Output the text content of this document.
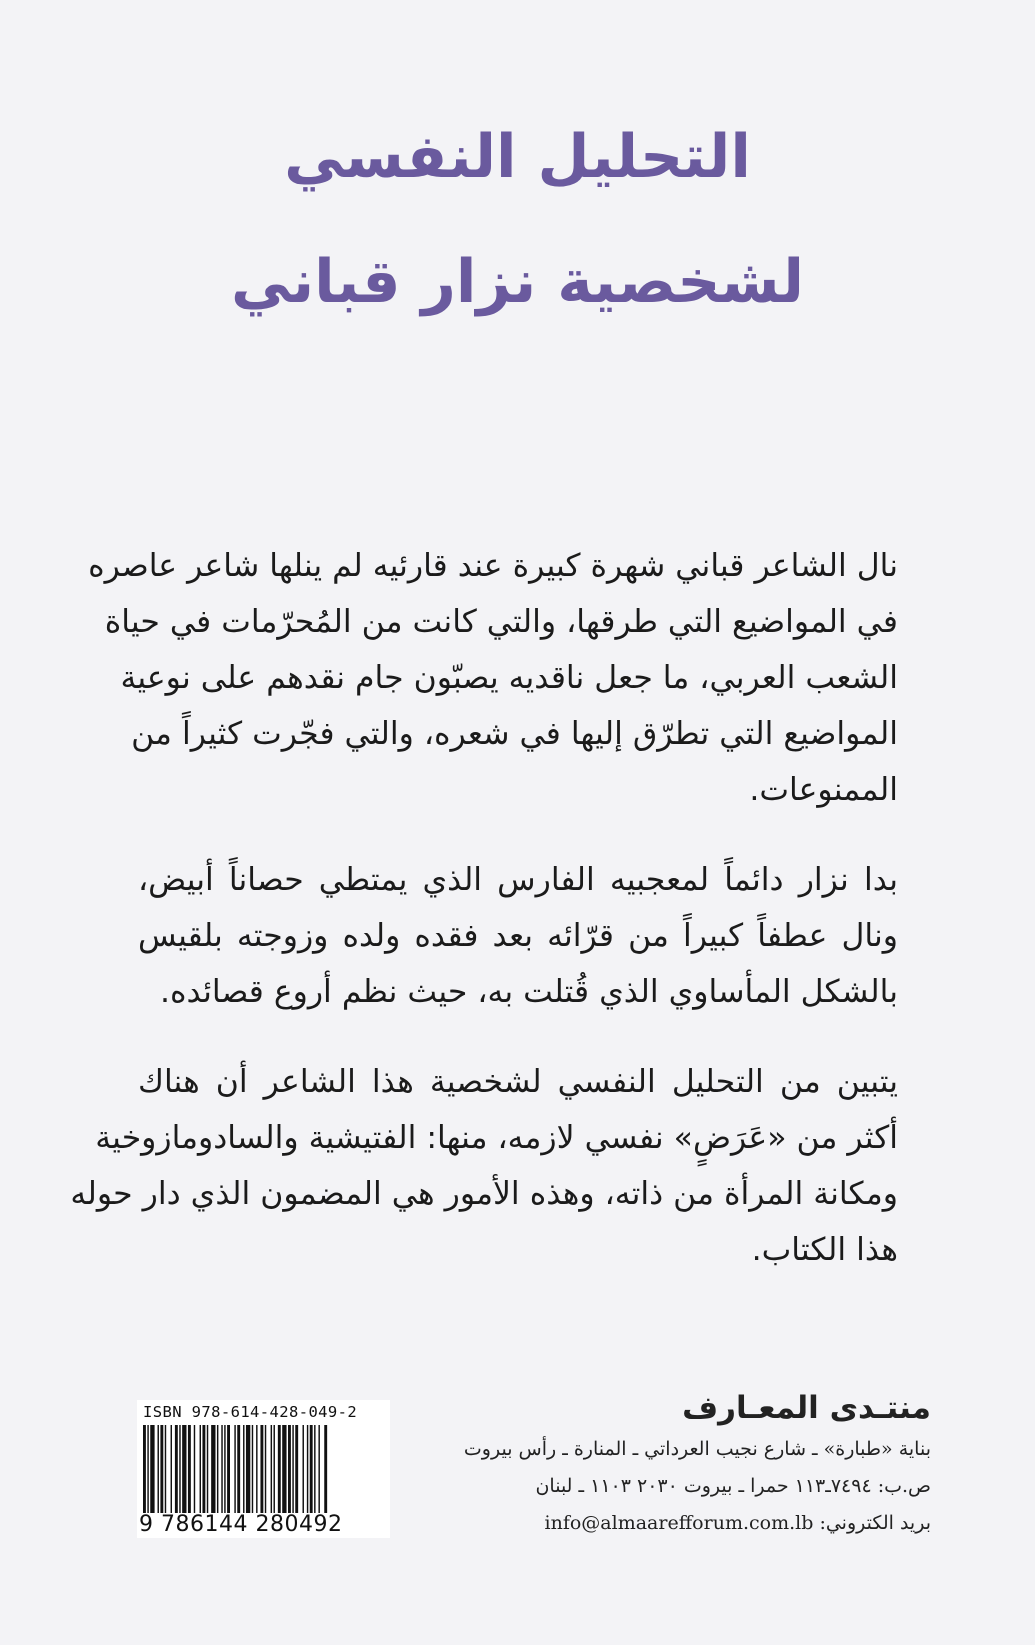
التحليل النفسي
لشخصية نزار قباني
نال الشاعر قباني شهرة كبيرة عند قارئيه لم ينلها شاعر عاصره
في المواضيع التي طرقها، والتي كانت من المُحرّمات في حياة
الشعب العربي، ما جعل ناقديه يصبّون جام نقدهم على نوعية
المواضيع التي تطرّق إليها في شعره، والتي فجّرت كثيراً من
الممنوعات.
بدا نزار دائماً لمعجبيه الفارس الذي يمتطي حصاناً أبيض،
ونال عطفاً كبيراً من قرّائه بعد فقده ولده وزوجته بلقيس
بالشكل المأساوي الذي قُتلت به، حيث نظم أروع قصائده.
يتبين من التحليل النفسي لشخصية هذا الشاعر أن هناك
أكثر من «عَرَضٍ» نفسي لازمه، منها: الفتيشية والسادومازوخية
ومكانة المرأة من ذاته، وهذه الأمور هي المضمون الذي دار حوله
هذا الكتاب.
منتـدى المعـارف
بناية «طبارة» ـ شارع نجيب العرداتي ـ المنارة ـ رأس بيروت
ص.ب: ٧٤٩٤ـ١١٣ حمرا ـ بيروت ٢٠٣٠ ١١٠٣ ـ لبنان
بريد الكتروني: info@almaarefforum.com.lb
ISBN 978-614-428-049-2
9 786144 280492
